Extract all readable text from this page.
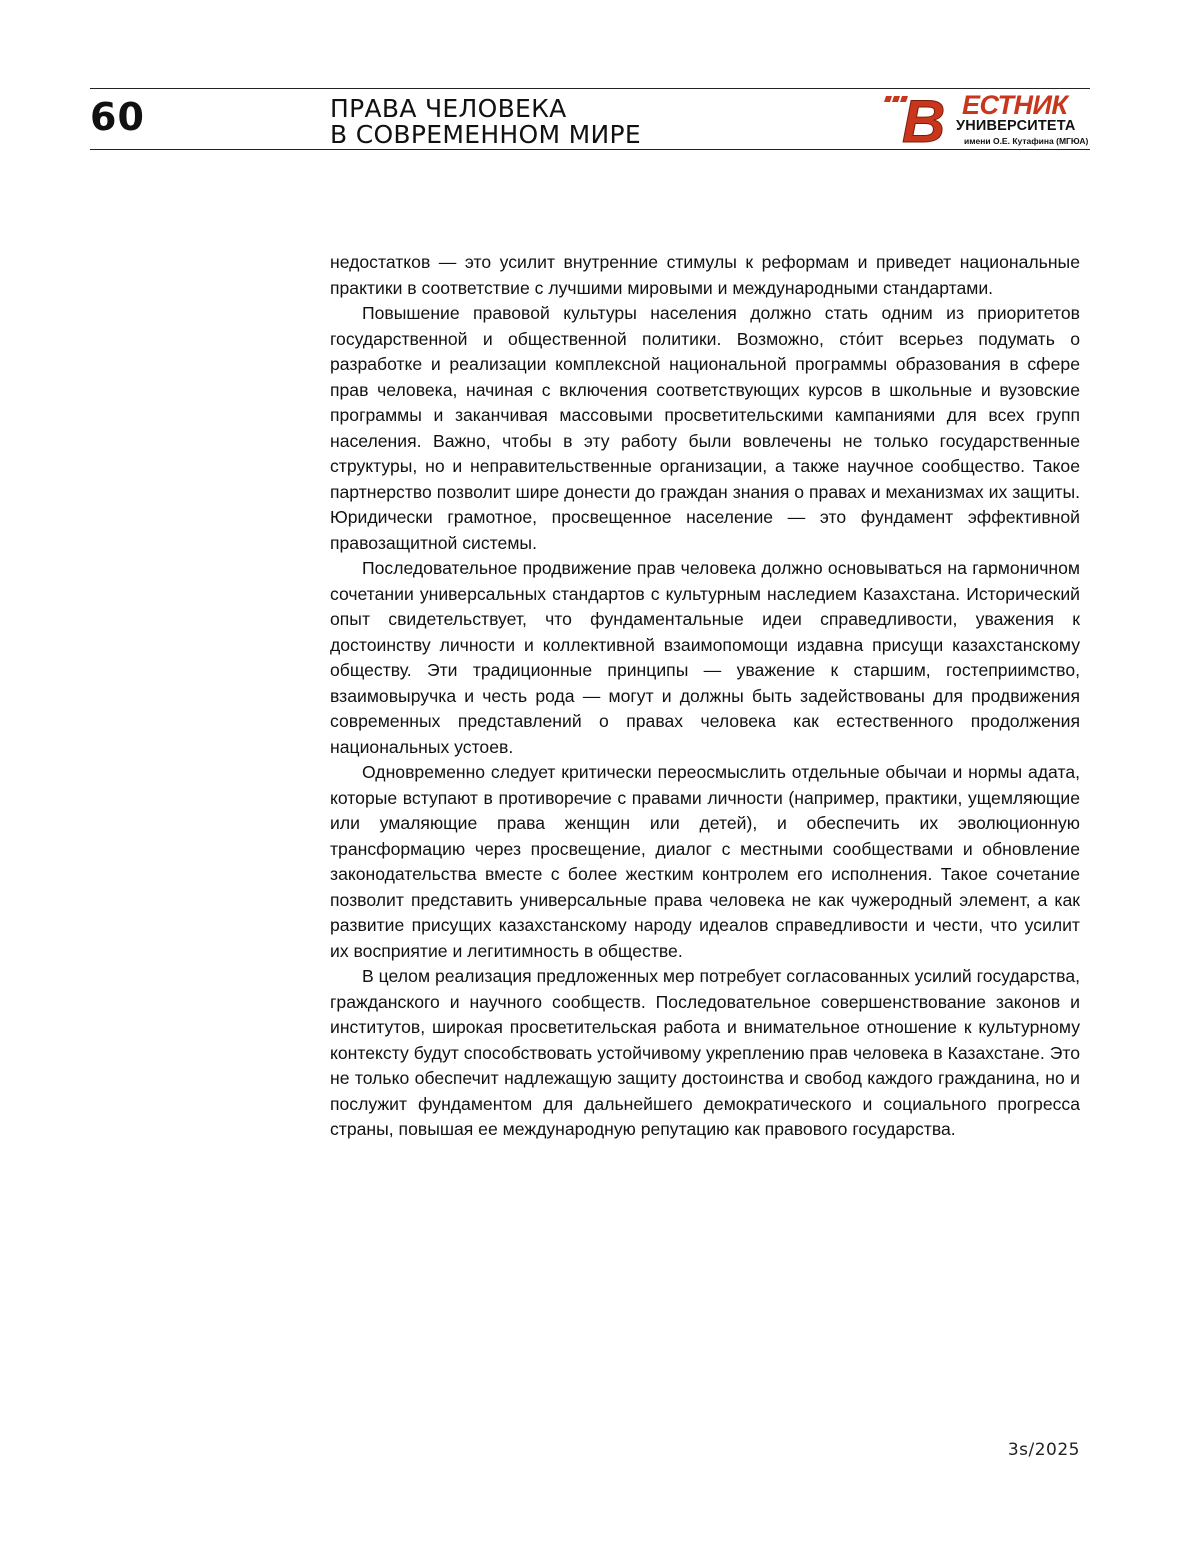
60	ПРАВА ЧЕЛОВЕКА
В СОВРЕМЕННОМ МИРЕ	В ЕСТНИК
УНИВЕРСИТЕТА
имени О.Е. Кутафина (МГЮА)

недостатков — это усилит внутренние стимулы к реформам и приведет национальные практики в соответствие с лучшими мировыми и международными стандартами.

Повышение правовой культуры населения должно стать одним из приоритетов государственной и общественной политики. Возможно, сто́ит всерьез подумать о разработке и реализации комплексной национальной программы образования в сфере прав человека, начиная с включения соответствующих курсов в школьные и вузовские программы и заканчивая массовыми просветительскими кампаниями для всех групп населения. Важно, чтобы в эту работу были вовлечены не только государственные структуры, но и неправительственные организации, а также научное сообщество. Такое партнерство позволит шире донести до граждан знания о правах и механизмах их защиты. Юридически грамотное, просвещенное население — это фундамент эффективной правозащитной системы.

Последовательное продвижение прав человека должно основываться на гармоничном сочетании универсальных стандартов с культурным наследием Казахстана. Исторический опыт свидетельствует, что фундаментальные идеи справедливости, уважения к достоинству личности и коллективной взаимопомощи издавна присущи казахстанскому обществу. Эти традиционные принципы — уважение к старшим, гостеприимство, взаимовыручка и честь рода — могут и должны быть задействованы для продвижения современных представлений о правах человека как естественного продолжения национальных устоев.

Одновременно следует критически переосмыслить отдельные обычаи и нормы адата, которые вступают в противоречие с правами личности (например, практики, ущемляющие или умаляющие права женщин или детей), и обеспечить их эволюционную трансформацию через просвещение, диалог с местными сообществами и обновление законодательства вместе с более жестким контролем его исполнения. Такое сочетание позволит представить универсальные права человека не как чужеродный элемент, а как развитие присущих казахстанскому народу идеалов справедливости и чести, что усилит их восприятие и легитимность в обществе.

В целом реализация предложенных мер потребует согласованных усилий государства, гражданского и научного сообществ. Последовательное совершенствование законов и институтов, широкая просветительская работа и внимательное отношение к культурному контексту будут способствовать устойчивому укреплению прав человека в Казахстане. Это не только обеспечит надлежащую защиту достоинства и свобод каждого гражданина, но и послужит фундаментом для дальнейшего демократического и социального прогресса страны, повышая ее международную репутацию как правового государства.

3s/2025
